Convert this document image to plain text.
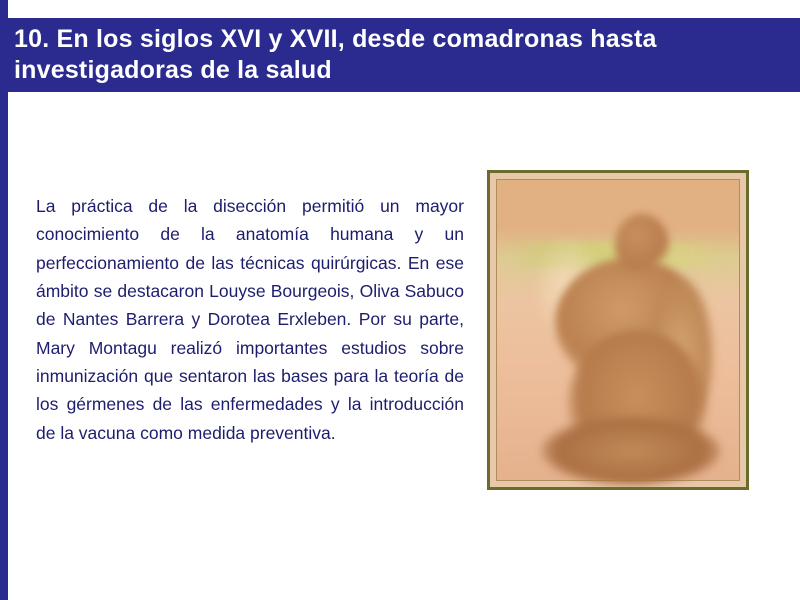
10. En los siglos XVI y XVII, desde comadronas hasta investigadoras de la salud

La práctica de la disección permitió un mayor conocimiento de la anatomía humana y un perfeccionamiento de las técnicas quirúrgicas. En ese ámbito se destacaron Louyse Bourgeois, Oliva Sabuco de Nantes Barrera y Dorotea Erxleben. Por su parte, Mary Montagu realizó importantes estudios sobre inmunización que sentaron las bases para la teoría de los gérmenes de las enfermedades y la introducción de la vacuna como medida preventiva.
